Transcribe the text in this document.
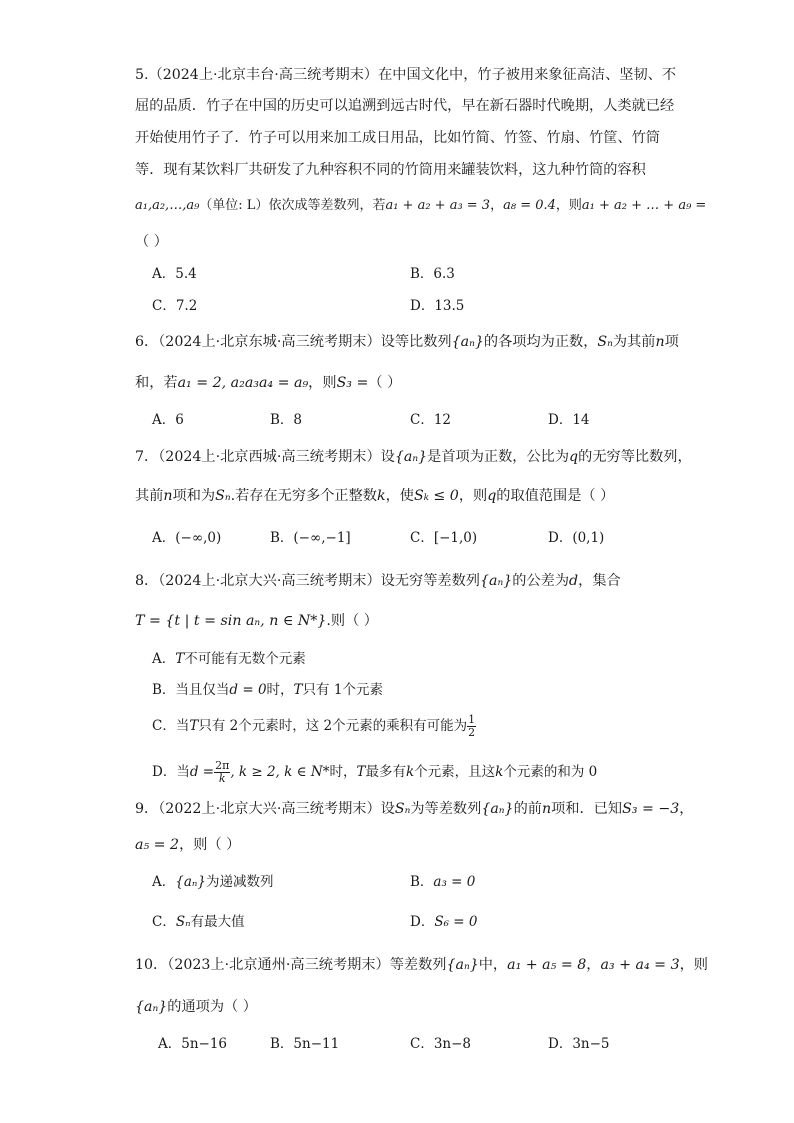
5.（2024上·北京丰台·高三统考期末）在中国文化中，竹子被用来象征高洁、坚韧、不
屈的品质．竹子在中国的历史可以追溯到远古时代，早在新石器时代晚期，人类就已经
开始使用竹子了．竹子可以用来加工成日用品，比如竹简、竹签、竹扇、竹筐、竹筒
等．现有某饮料厂共研发了九种容积不同的竹筒用来罐装饮料，这九种竹筒的容积
a₁,a₂,…,a₉（单位: L）依次成等差数列，若a₁ + a₂ + a₃ = 3，a₈ = 0.4，则a₁ + a₂ + … + a₉ =
（ ）
A．5.4	B．6.3
C．7.2	D．13.5
6．（2024上·北京东城·高三统考期末）设等比数列{aₙ}的各项均为正数，Sₙ为其前n项
和，若a₁ = 2, a₂a₃a₄ = a₉，则S₃ =（ ）
A．6	B．8	C．12	D．14
7．（2024上·北京西城·高三统考期末）设{aₙ}是首项为正数，公比为q的无穷等比数列，
其前n项和为Sₙ.若存在无穷多个正整数k，使Sₖ ≤ 0，则q的取值范围是（ ）
A．(−∞,0)	B．(−∞,−1]	C．[−1,0)	D．(0,1)
8．（2024上·北京大兴·高三统考期末）设无穷等差数列{aₙ}的公差为d，集合
T = {t | t = sin aₙ, n ∈ N*}.则（ ）
A．T不可能有无数个元素
B．当且仅当d = 0时，T只有 1个元素
C．当T只有 2个元素时，这 2个元素的乘积有可能为 $\frac{1}{2}$
D．当$d = \frac{2\pi}{k}$ , k ≥ 2, k ∈ N*时，T最多有k个元素，且这k个元素的和为 0
9．（2022上·北京大兴·高三统考期末）设Sₙ为等差数列{aₙ}的前n项和．已知S₃ = −3，
a₅ = 2，则（ ）
A．{aₙ}为递减数列	B．a₃ = 0
C．Sₙ有最大值	D．S₆ = 0
10．（2023上·北京通州·高三统考期末）等差数列{aₙ}中，a₁ + a₅ = 8，a₃ + a₄ = 3，则
{aₙ}的通项为（ ）
A．5n−16	B．5n−11	C．3n−8	D．3n−5
